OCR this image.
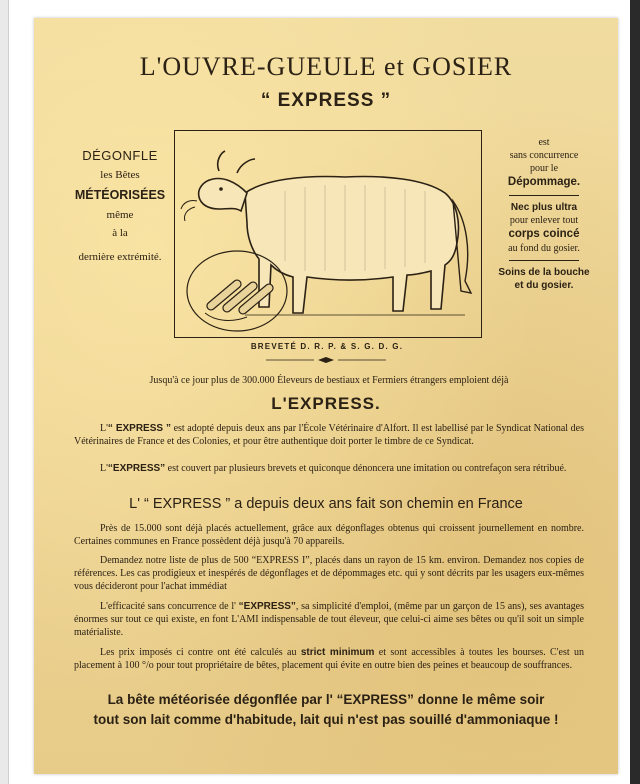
L'OUVRE-GUEULE et GOSIER
“ EXPRESS ”
DÉGONFLE
les Bêtes
MÉTÉORISÉES
même
à la
dernière extrémité.
BREVETÉ D. R. P. & S. G. D. G.
est
sans concurrence
pour le
Dépommage.
Nec plus ultra
pour enlever tout
corps coincé
au fond du gosier.
Soins de la bouche
et du gosier.
Jusqu'à ce jour plus de 300.000 Éleveurs de bestiaux et Fermiers étrangers emploient déjà
L'EXPRESS.
L'“ EXPRESS ” est adopté depuis deux ans par l'École Vétérinaire d'Alfort. Il est labellisé par le Syndicat National des Vétérinaires de France et des Colonies, et pour être authentique doit porter le timbre de ce Syndicat.
L'“EXPRESS” est couvert par plusieurs brevets et quiconque dénoncera une imitation ou contrefaçon sera rétribué.
L' “ EXPRESS ” a depuis deux ans fait son chemin en France
Près de 15.000 sont déjà placés actuellement, grâce aux dégonflages obtenus qui croissent journellement en nombre. Certaines communes en France possèdent déjà jusqu'à 70 appareils.
Demandez notre liste de plus de 500 “EXPRESS I”, placés dans un rayon de 15 km. environ. Demandez nos copies de références. Les cas prodigieux et inespérés de dégonflages et de dépommages etc. qui y sont décrits par les usagers eux-mêmes vous décideront pour l'achat immédiat
L'efficacité sans concurrence de l' “EXPRESS”, sa simplicité d'emploi, (même par un garçon de 15 ans), ses avantages énormes sur tout ce qui existe, en font L'AMI indispensable de tout éleveur, que celui-ci aime ses bêtes ou qu'il soit un simple matérialiste.
Les prix imposés ci contre ont été calculés au strict minimum et sont accessibles à toutes les bourses. C'est un placement à 100 °/o pour tout propriétaire de bêtes, placement qui évite en outre bien des peines et beaucoup de souffrances.
La bête météorisée dégonflée par l' “EXPRESS” donne le même soir
tout son lait comme d'habitude, lait qui n'est pas souillé d'ammoniaque !
